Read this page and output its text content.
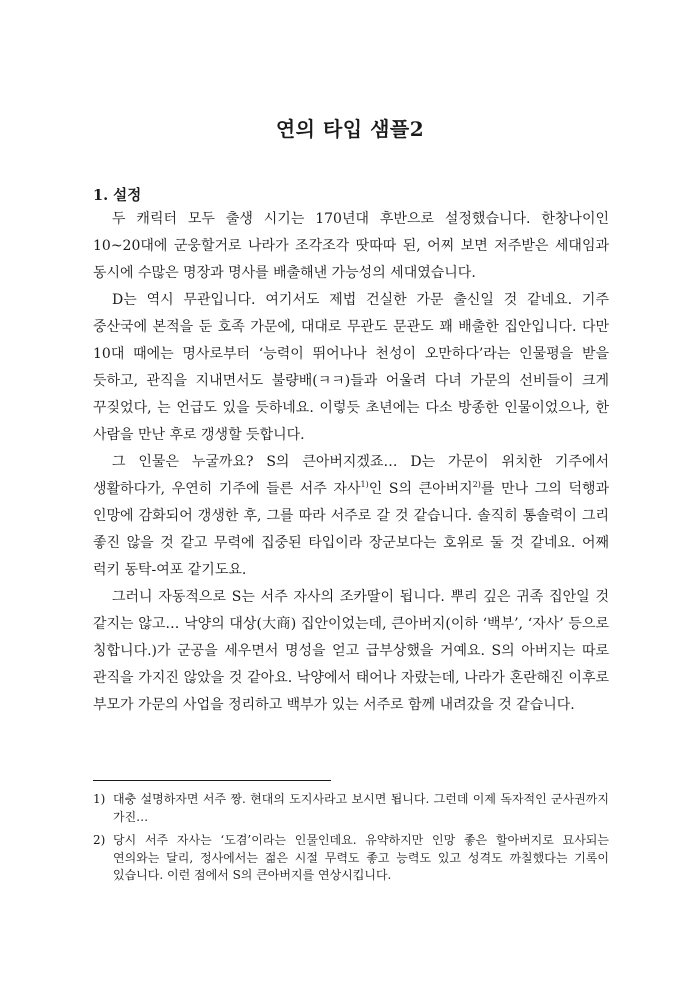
연의 타입 샘플2
1. 설정

두 캐릭터 모두 출생 시기는 170년대 후반으로 설정했습니다. 한창나이인 10~20대에 군웅할거로 나라가 조각조각 땃따따 된, 어찌 보면 저주받은 세대임과 동시에 수많은 명장과 명사를 배출해낸 가능성의 세대였습니다.

D는 역시 무관입니다. 여기서도 제법 건실한 가문 출신일 것 같네요. 기주 중산국에 본적을 둔 호족 가문에, 대대로 무관도 문관도 꽤 배출한 집안입니다. 다만 10대 때에는 명사로부터 ‘능력이 뛰어나나 천성이 오만하다’라는 인물평을 받을 듯하고, 관직을 지내면서도 불량배(ㅋㅋ)들과 어울려 다녀 가문의 선비들이 크게 꾸짖었다, 는 언급도 있을 듯하네요. 이렇듯 초년에는 다소 방종한 인물이었으나, 한 사람을 만난 후로 갱생할 듯합니다.

그 인물은 누굴까요? S의 큰아버지겠죠… D는 가문이 위치한 기주에서 생활하다가, 우연히 기주에 들른 서주 자사$^{1)}$인 S의 큰아버지$^{2)}$를 만나 그의 덕행과 인망에 감화되어 갱생한 후, 그를 따라 서주로 갈 것 같습니다. 솔직히 통솔력이 그리 좋진 않을 것 같고 무력에 집중된 타입이라 장군보다는 호위로 둘 것 같네요. 어째 럭키 동탁-여포 같기도요.

그러니 자동적으로 S는 서주 자사의 조카딸이 됩니다. 뿌리 깊은 귀족 집안일 것 같지는 않고… 낙양의 대상(大商) 집안이었는데, 큰아버지(이하 ‘백부’, ‘자사’ 등으로 칭합니다.)가 군공을 세우면서 명성을 얻고 급부상했을 거예요. S의 아버지는 따로 관직을 가지진 않았을 것 같아요. 낙양에서 태어나 자랐는데, 나라가 혼란해진 이후로 부모가 가문의 사업을 정리하고 백부가 있는 서주로 함께 내려갔을 것 같습니다.

1) 대충 설명하자면 서주 짱. 현대의 도지사라고 보시면 됩니다. 그런데 이제 독자적인 군사권까지 가진…
2) 당시 서주 자사는 ‘도겸’이라는 인물인데요. 유약하지만 인망 좋은 할아버지로 묘사되는 연의와는 달리, 정사에서는 젊은 시절 무력도 좋고 능력도 있고 성격도 까칠했다는 기록이 있습니다. 이런 점에서 S의 큰아버지를 연상시킵니다.
